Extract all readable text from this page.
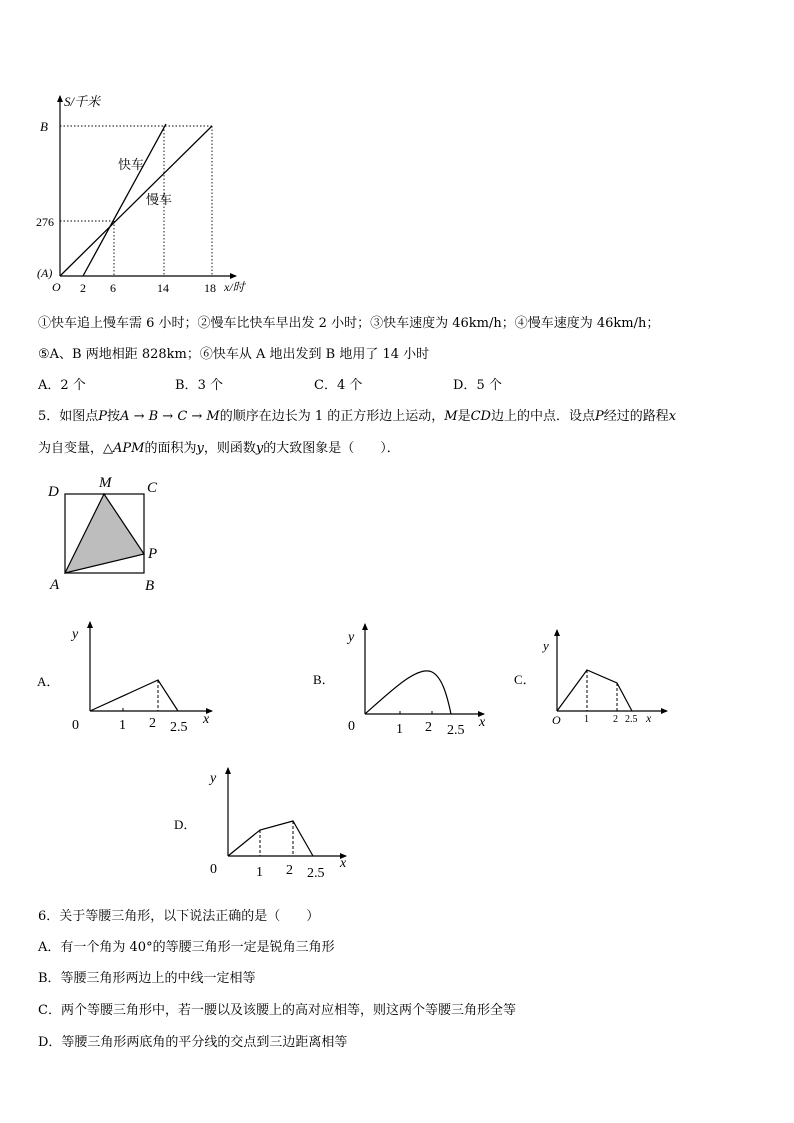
S/千米
B
276
(A)
O 2 6	14	18 x/时
快车
慢车
①快车追上慢车需 6 小时；②慢车比快车早出发 2 小时；③快车速度为 46km/h；④慢车速度为 46km/h；
⑤A、B 两地相距 828km；⑥快车从 A 地出发到 B 地用了 14 小时
A．2 个	B．3 个	C．4 个	D．5 个
5．如图点P按A → B → C → M的顺序在边长为 1 的正方形边上运动，M是CD边上的中点．设点P经过的路程x
为自变量，△APM的面积为y，则函数y的大致图象是（　　）．
D
M C
P
A	B
A．
y
0	1 2 2.5
x
B．
y
0	1 2 2.5
x
C．
y
O 1 2 2.5 x
D．
y
0	1 2 2.5
x
6．关于等腰三角形，以下说法正确的是（　　）
A．有一个角为 40°的等腰三角形一定是锐角三角形
B．等腰三角形两边上的中线一定相等
C．两个等腰三角形中，若一腰以及该腰上的高对应相等，则这两个等腰三角形全等
D．等腰三角形两底角的平分线的交点到三边距离相等
